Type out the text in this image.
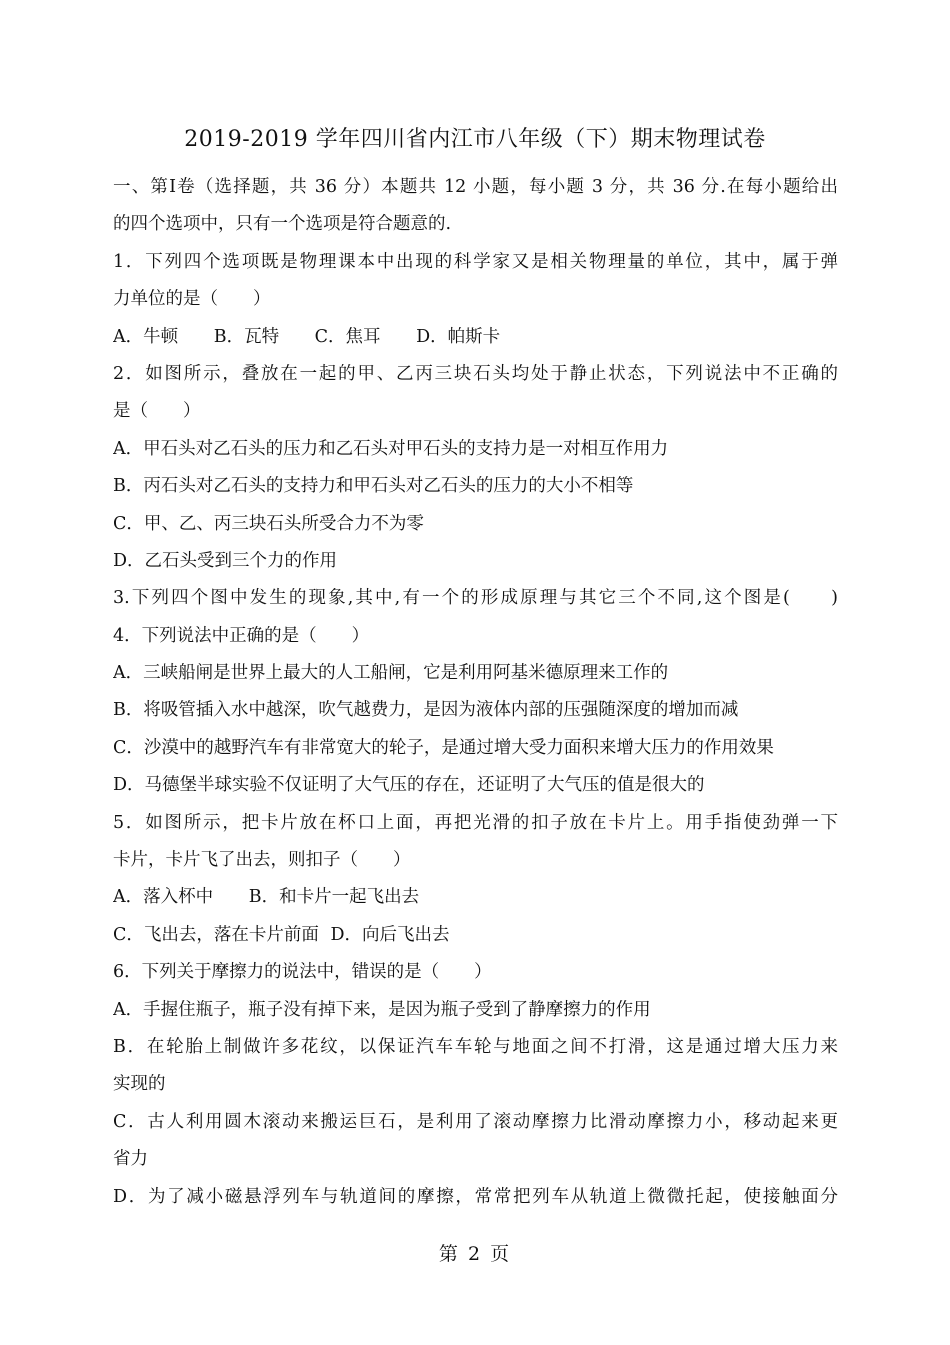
2019-2019 学年四川省内江市八年级（下）期末物理试卷
一、第Ⅰ卷（选择题，共 36 分）本题共 12 小题，每小题 3 分，共 36 分.在每小题给出
的四个选项中，只有一个选项是符合题意的.
1．下列四个选项既是物理课本中出现的科学家又是相关物理量的单位，其中，属于弹
力单位的是（　　）
A．牛顿 B．瓦特 C．焦耳 D．帕斯卡
2．如图所示，叠放在一起的甲、乙丙三块石头均处于静止状态，下列说法中不正确的
是（　　）
A．甲石头对乙石头的压力和乙石头对甲石头的支持力是一对相互作用力
B．丙石头对乙石头的支持力和甲石头对乙石头的压力的大小不相等
C．甲、乙、丙三块石头所受合力不为零
D．乙石头受到三个力的作用
3.下列四个图中发生的现象,其中,有一个的形成原理与其它三个不同,这个图是(　　)
4．下列说法中正确的是（　　）
A．三峡船闸是世界上最大的人工船闸，它是利用阿基米德原理来工作的
B．将吸管插入水中越深，吹气越费力，是因为液体内部的压强随深度的增加而减
C．沙漠中的越野汽车有非常宽大的轮子，是通过增大受力面积来增大压力的作用效果
D．马德堡半球实验不仅证明了大气压的存在，还证明了大气压的值是很大的
5．如图所示，把卡片放在杯口上面，再把光滑的扣子放在卡片上。用手指使劲弹一下
卡片，卡片飞了出去，则扣子（　　）
A．落入杯中 B．和卡片一起飞出去
C．飞出去，落在卡片前面 D．向后飞出去
6．下列关于摩擦力的说法中，错误的是（　　）
A．手握住瓶子，瓶子没有掉下来，是因为瓶子受到了静摩擦力的作用
B．在轮胎上制做许多花纹，以保证汽车车轮与地面之间不打滑，这是通过增大压力来
实现的
C．古人利用圆木滚动来搬运巨石，是利用了滚动摩擦力比滑动摩擦力小，移动起来更
省力
D．为了减小磁悬浮列车与轨道间的摩擦，常常把列车从轨道上微微托起，使接触面分
第 2 页
